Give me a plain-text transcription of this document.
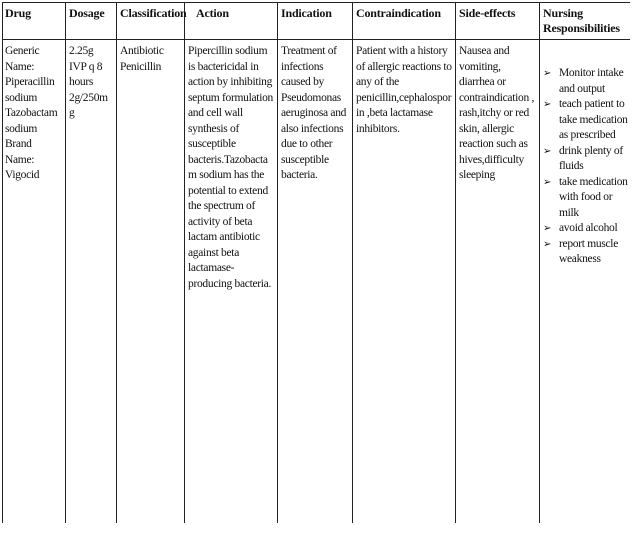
Drug	Dosage Classification Action	Indication Contraindication Side-effects Nursing
Responsibilities
Generic Name: Piperacillin sodium Tazobactam sodium Brand Name: Vigocid
2.25g IVP q 8 hours 2g/250mg
Antibiotic Penicillin
Pipercillin sodium is bactericidal in action by inhibiting septum formulation and cell wall synthesis of susceptible bacteris.Tazobactam sodium has the potential to extend the spectrum of activity of beta lactam antibiotic against beta lactamase-producing bacteria.
Treatment of infections caused by Pseudomonas aeruginosa and also infections due to other susceptible bacteria.
Patient with a history of allergic reactions to any of the penicillin,cephalosporin ,beta lactamase inhibitors.
Nausea and vomiting, diarrhea or contraindication , rash,itchy or red skin, allergic reaction such as hives,difficulty sleeping
➢ Monitor intake and output
➢ teach patient to take medication as prescribed
➢ drink plenty of fluids
➢ take medication with food or milk
➢ avoid alcohol
➢ report muscle weakness
